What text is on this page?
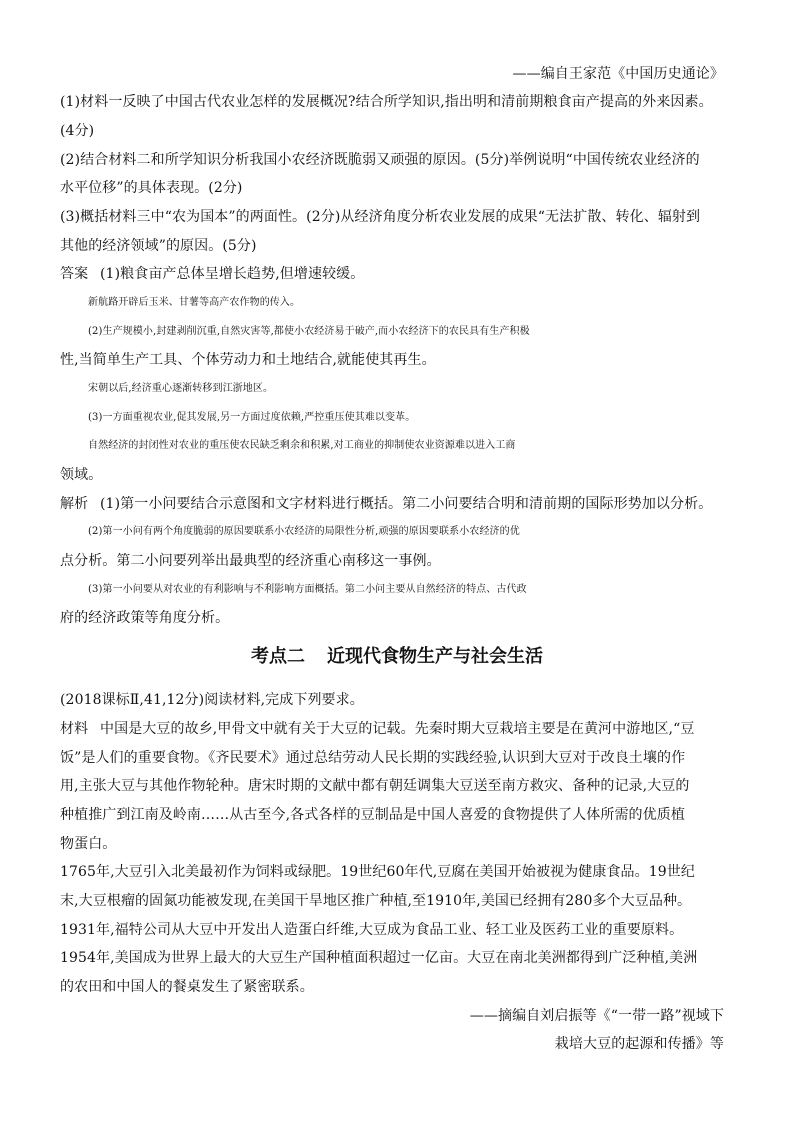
——编自王家范《中国历史通论》
(1)材料一反映了中国古代农业怎样的发展概况?结合所学知识,指出明和清前期粮食亩产提高的外来因素。
(4分)
(2)结合材料二和所学知识分析我国小农经济既脆弱又顽强的原因。(5分)举例说明“中国传统农业经济的
水平位移”的具体表现。(2分)
(3)概括材料三中“农为国本”的两面性。(2分)从经济角度分析农业发展的成果“无法扩散、转化、辐射到
其他的经济领域”的原因。(5分)
答案 (1)粮食亩产总体呈增长趋势,但增速较缓。
新航路开辟后玉米、甘薯等高产农作物的传入。
(2)生产规模小,封建剥削沉重,自然灾害等,都使小农经济易于破产,而小农经济下的农民具有生产积极
性,当简单生产工具、个体劳动力和土地结合,就能使其再生。
宋朝以后,经济重心逐渐转移到江浙地区。
(3)一方面重视农业,促其发展,另一方面过度依赖,严控重压使其难以变革。
自然经济的封闭性对农业的重压使农民缺乏剩余和积累,对工商业的抑制使农业资源难以进入工商
领域。
解析 (1)第一小问要结合示意图和文字材料进行概括。第二小问要结合明和清前期的国际形势加以分析。
(2)第一小问有两个角度脆弱的原因要联系小农经济的局限性分析,顽强的原因要联系小农经济的优
点分析。第二小问要列举出最典型的经济重心南移这一事例。
(3)第一小问要从对农业的有利影响与不利影响方面概括。第二小问主要从自然经济的特点、古代政
府的经济政策等角度分析。
考点二 近现代食物生产与社会生活
(2018课标Ⅱ,41,12分)阅读材料,完成下列要求。
材料 中国是大豆的故乡,甲骨文中就有关于大豆的记载。先秦时期大豆栽培主要是在黄河中游地区,“豆
饭”是人们的重要食物。《齐民要术》通过总结劳动人民长期的实践经验,认识到大豆对于改良土壤的作
用,主张大豆与其他作物轮种。唐宋时期的文献中都有朝廷调集大豆送至南方救灾、备种的记录,大豆的
种植推广到江南及岭南……从古至今,各式各样的豆制品是中国人喜爱的食物提供了人体所需的优质植
物蛋白。
1765年,大豆引入北美最初作为饲料或绿肥。19世纪60年代,豆腐在美国开始被视为健康食品。19世纪
末,大豆根瘤的固氮功能被发现,在美国干旱地区推广种植,至1910年,美国已经拥有280多个大豆品种。
1931年,福特公司从大豆中开发出人造蛋白纤维,大豆成为食品工业、轻工业及医药工业的重要原料。
1954年,美国成为世界上最大的大豆生产国种植面积超过一亿亩。大豆在南北美洲都得到广泛种植,美洲
的农田和中国人的餐桌发生了紧密联系。
——摘编自刘启振等《“一带一路”视域下
栽培大豆的起源和传播》等
